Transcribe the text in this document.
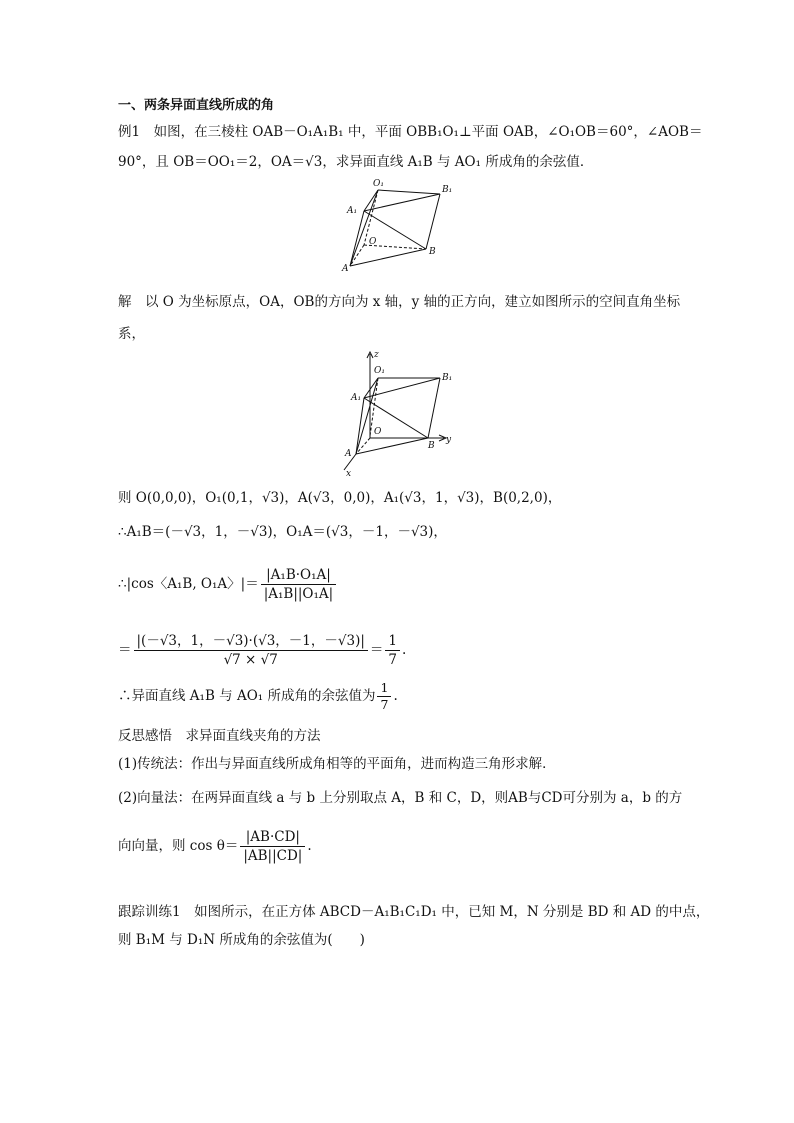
一、两条异面直线所成的角
例1　如图，在三棱柱 OAB－O₁A₁B₁ 中，平面 OBB₁O₁⊥平面 OAB，∠O₁OB＝60°，∠AOB＝
90°，且 OB＝OO₁＝2，OA＝√3，求异面直线 A₁B 与 AO₁ 所成角的余弦值．
O₁
B₁
A₁
O
B
A
解　以 O 为坐标原点，OA，OB的方向为 x 轴，y 轴的正方向，建立如图所示的空间直角坐标
系，
z
O₁
B₁
A₁
O
B
y
A
x
则 O(0,0,0)，O₁(0,1，√3)，A(√3，0,0)，A₁(√3，1，√3)，B(0,2,0)，
∴A₁B＝(－√3，1，－√3)，O₁A＝(√3，－1，－√3)，
∴|cos〈A₁B, O₁A〉|＝ $\frac{\text{|A₁B·O₁A|}}{\text{|A₁B||O₁A|}}$
＝ $\frac{|(-√3,1,-√3)\cdot(√3,-1,-√3)|}{√7 \times √7} = \frac{1}{7}$ .
∴异面直线 A₁B 与 AO₁ 所成角的余弦值为 $\frac{1}{7}$ .
反思感悟　求异面直线夹角的方法
(1)传统法：作出与异面直线所成角相等的平面角，进而构造三角形求解．
(2)向量法：在两异面直线 a 与 b 上分别取点 A，B 和 C，D，则AB与CD可分别为 a，b 的方
向向量，则 $\cos \theta= \frac{|AB\cdot CD|}{|AB||CD|}$ .
跟踪训练1　如图所示，在正方体 ABCD－A₁B₁C₁D₁ 中，已知 M，N 分别是 BD 和 AD 的中点，
则 B₁M 与 D₁N 所成角的余弦值为(　　)
